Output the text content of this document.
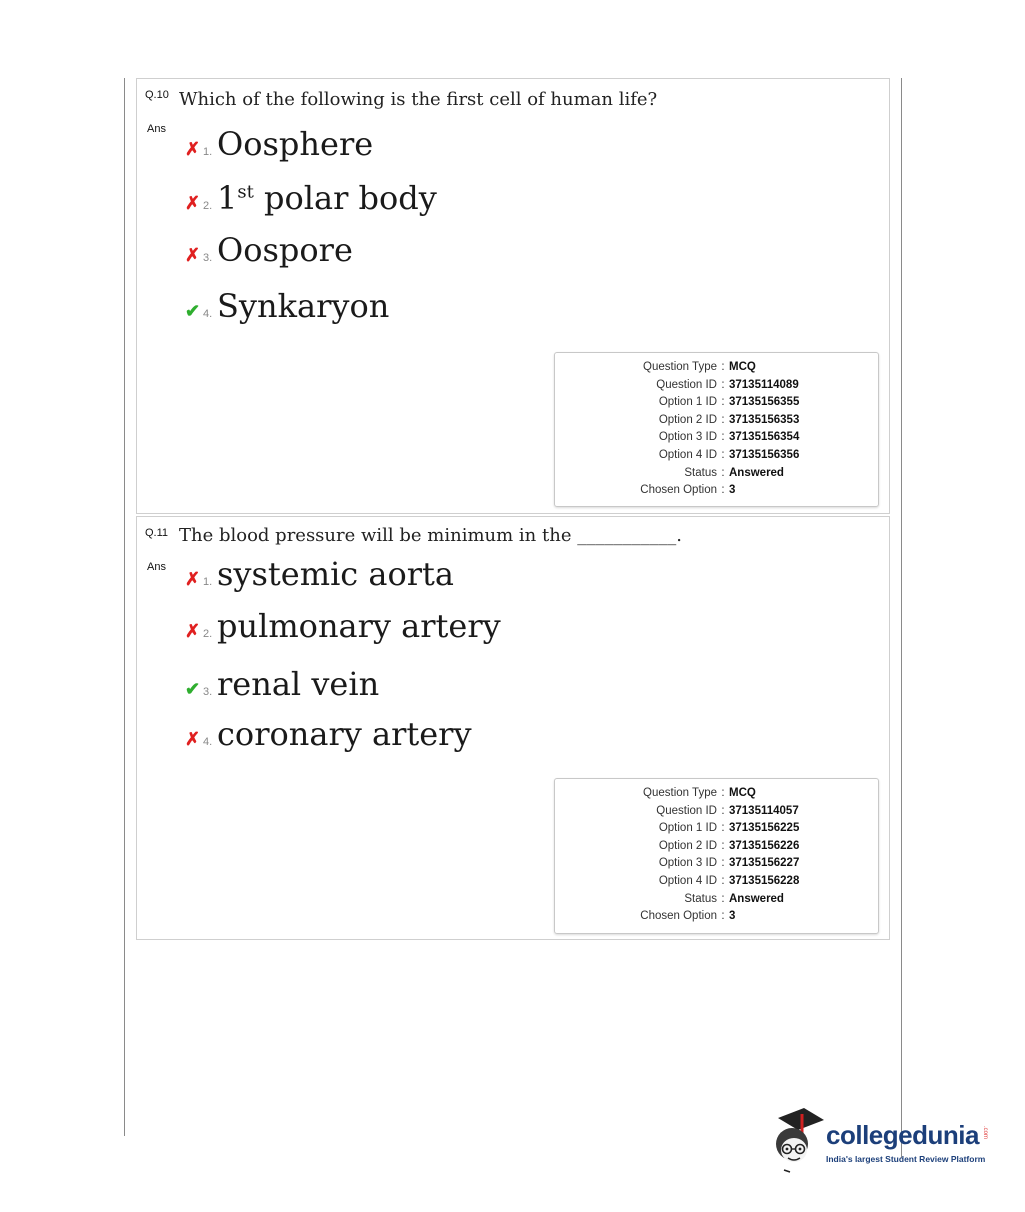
Q.10 Which of the following is the first cell of human life?
Ans
✗ 1. Oosphere
✗ 2. 1st polar body
✗ 3. Oospore
✔ 4. Synkaryon
Question Type : MCQ
Question ID : 37135114089
Option 1 ID : 37135156355
Option 2 ID : 37135156353
Option 3 ID : 37135156354
Option 4 ID : 37135156356
Status : Answered
Chosen Option : 3
Q.11 The blood pressure will be minimum in the ___________.
Ans
✗ 1. systemic aorta
✗ 2. pulmonary artery
✔ 3. renal vein
✗ 4. coronary artery
Question Type : MCQ
Question ID : 37135114057
Option 1 ID : 37135156225
Option 2 ID : 37135156226
Option 3 ID : 37135156227
Option 4 ID : 37135156228
Status : Answered
Chosen Option : 3
collegedunia .com
India's largest Student Review Platform
